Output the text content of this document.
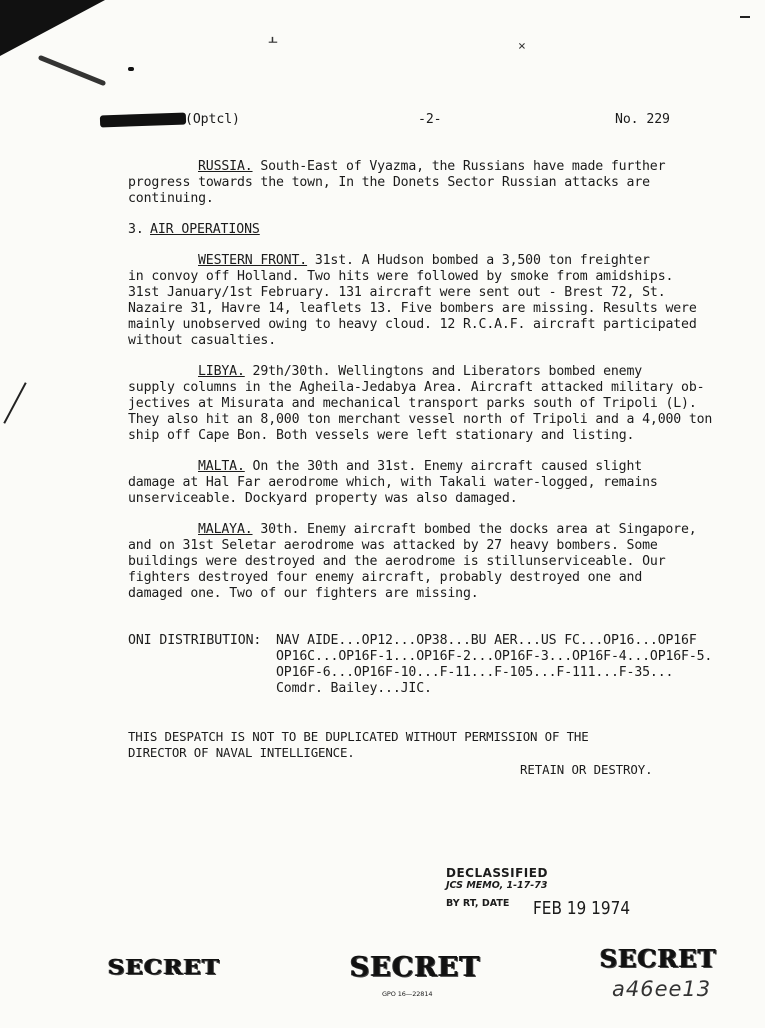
⫠	⨯
(Optcl)	-2-	No. 229
RUSSIA. South-East of Vyazma, the Russians have made further
progress towards the town, In the Donets Sector Russian attacks are
continuing.
3. AIR OPERATIONS
WESTERN FRONT. 31st. A Hudson bombed a 3,500 ton freighter
in convoy off Holland. Two hits were followed by smoke from amidships.
31st January/1st February. 131 aircraft were sent out - Brest 72, St.
Nazaire 31, Havre 14, leaflets 13. Five bombers are missing. Results were
mainly unobserved owing to heavy cloud. 12 R.C.A.F. aircraft participated
without casualties.
LIBYA. 29th/30th. Wellingtons and Liberators bombed enemy
supply columns in the Agheila-Jedabya Area. Aircraft attacked military ob-
jectives at Misurata and mechanical transport parks south of Tripoli (L).
They also hit an 8,000 ton merchant vessel north of Tripoli and a 4,000 ton
ship off Cape Bon. Both vessels were left stationary and listing.
MALTA. On the 30th and 31st. Enemy aircraft caused slight
damage at Hal Far aerodrome which, with Takali water-logged, remains
unserviceable. Dockyard property was also damaged.
MALAYA. 30th. Enemy aircraft bombed the docks area at Singapore,
and on 31st Seletar aerodrome was attacked by 27 heavy bombers. Some
buildings were destroyed and the aerodrome is stillunserviceable. Our
fighters destroyed four enemy aircraft, probably destroyed one and
damaged one. Two of our fighters are missing.
ONI DISTRIBUTION: NAV AIDE...OP12...OP38...BU AER...US FC...OP16...OP16F
OP16C...OP16F-1...OP16F-2...OP16F-3...OP16F-4...OP16F-5.
OP16F-6...OP16F-10...F-11...F-105...F-111...F-35...
Comdr. Bailey...JIC.
THIS DESPATCH IS NOT TO BE DUPLICATED WITHOUT PERMISSION OF THE
DIRECTOR OF NAVAL INTELLIGENCE.
RETAIN OR DESTROY.
DECLASSIFIED
JCS MEMO, 1-17-73
BY RT, DATE FEB 19 1974
SECRET	SECRET
GPO 16—22814
SECRET
a46ee13
